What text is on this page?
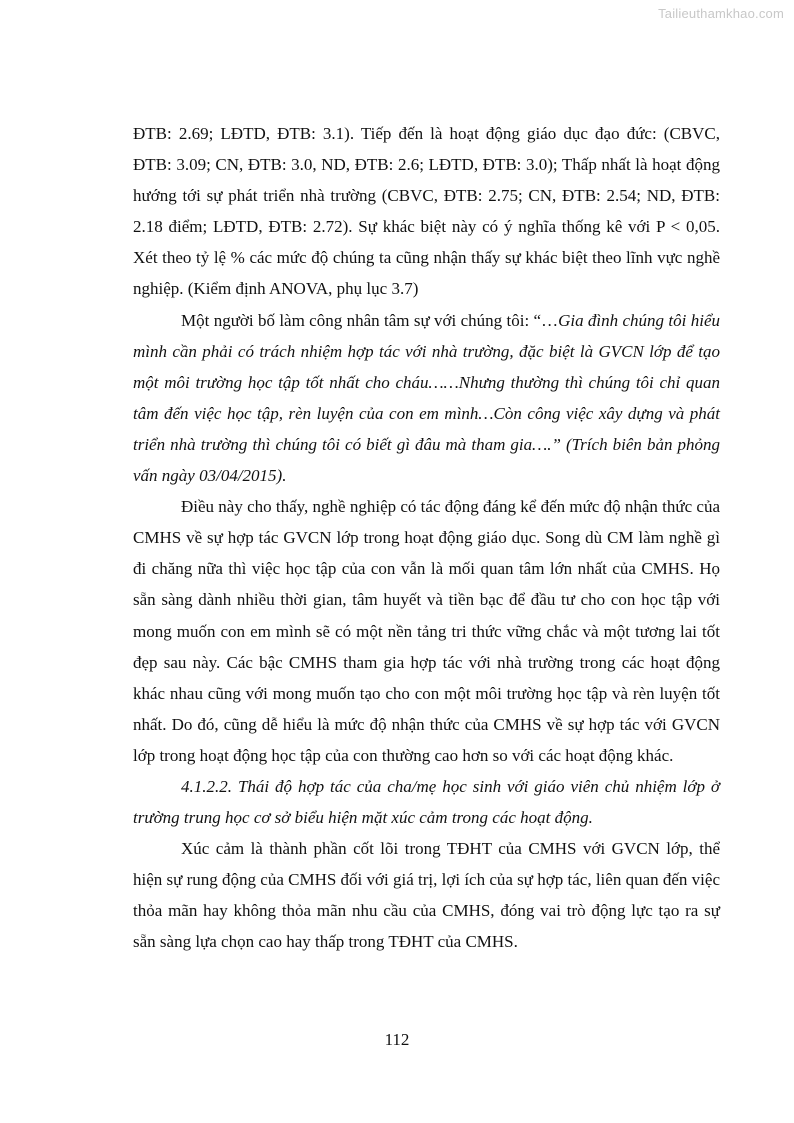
Tailieuthamkhao.com

ĐTB: 2.69; LĐTD, ĐTB: 3.1). Tiếp đến là hoạt động giáo dục đạo đức: (CBVC, ĐTB: 3.09; CN, ĐTB: 3.0, ND, ĐTB: 2.6; LĐTD, ĐTB: 3.0); Thấp nhất là hoạt động hướng tới sự phát triển nhà trường (CBVC, ĐTB: 2.75; CN, ĐTB: 2.54; ND, ĐTB: 2.18 điểm; LĐTD, ĐTB: 2.72). Sự khác biệt này có ý nghĩa thống kê với P < 0,05. Xét theo tỷ lệ % các mức độ chúng ta cũng nhận thấy sự khác biệt theo lĩnh vực nghề nghiệp. (Kiểm định ANOVA, phụ lục 3.7)

Một người bố làm công nhân tâm sự với chúng tôi: “…Gia đình chúng tôi hiểu mình cần phải có trách nhiệm hợp tác với nhà trường, đặc biệt là GVCN lớp để tạo một môi trường học tập tốt nhất cho cháu……Nhưng thường thì chúng tôi chỉ quan tâm đến việc học tập, rèn luyện của con em mình…Còn công việc xây dựng và phát triển nhà trường thì chúng tôi có biết gì đâu mà tham gia….” (Trích biên bản phỏng vấn ngày 03/04/2015).

Điều này cho thấy, nghề nghiệp có tác động đáng kể đến mức độ nhận thức của CMHS về sự hợp tác GVCN lớp trong hoạt động giáo dục. Song dù CM làm nghề gì đi chăng nữa thì việc học tập của con vẫn là mối quan tâm lớn nhất của CMHS. Họ sẵn sàng dành nhiều thời gian, tâm huyết và tiền bạc để đầu tư cho con học tập với mong muốn con em mình sẽ có một nền tảng tri thức vững chắc và một tương lai tốt đẹp sau này. Các bậc CMHS tham gia hợp tác với nhà trường trong các hoạt động khác nhau cũng với mong muốn tạo cho con một môi trường học tập và rèn luyện tốt nhất. Do đó, cũng dễ hiểu là mức độ nhận thức của CMHS về sự hợp tác với GVCN lớp trong hoạt động học tập của con thường cao hơn so với các hoạt động khác.

4.1.2.2. Thái độ hợp tác của cha/mẹ học sinh với giáo viên chủ nhiệm lớp ở trường trung học cơ sở biểu hiện mặt xúc cảm trong các hoạt động.

Xúc cảm là thành phần cốt lõi trong TĐHT của CMHS với GVCN lớp, thể hiện sự rung động của CMHS đối với giá trị, lợi ích của sự hợp tác, liên quan đến việc thỏa mãn hay không thỏa mãn nhu cầu của CMHS, đóng vai trò động lực tạo ra sự sẵn sàng lựa chọn cao hay thấp trong TĐHT của CMHS.

112
